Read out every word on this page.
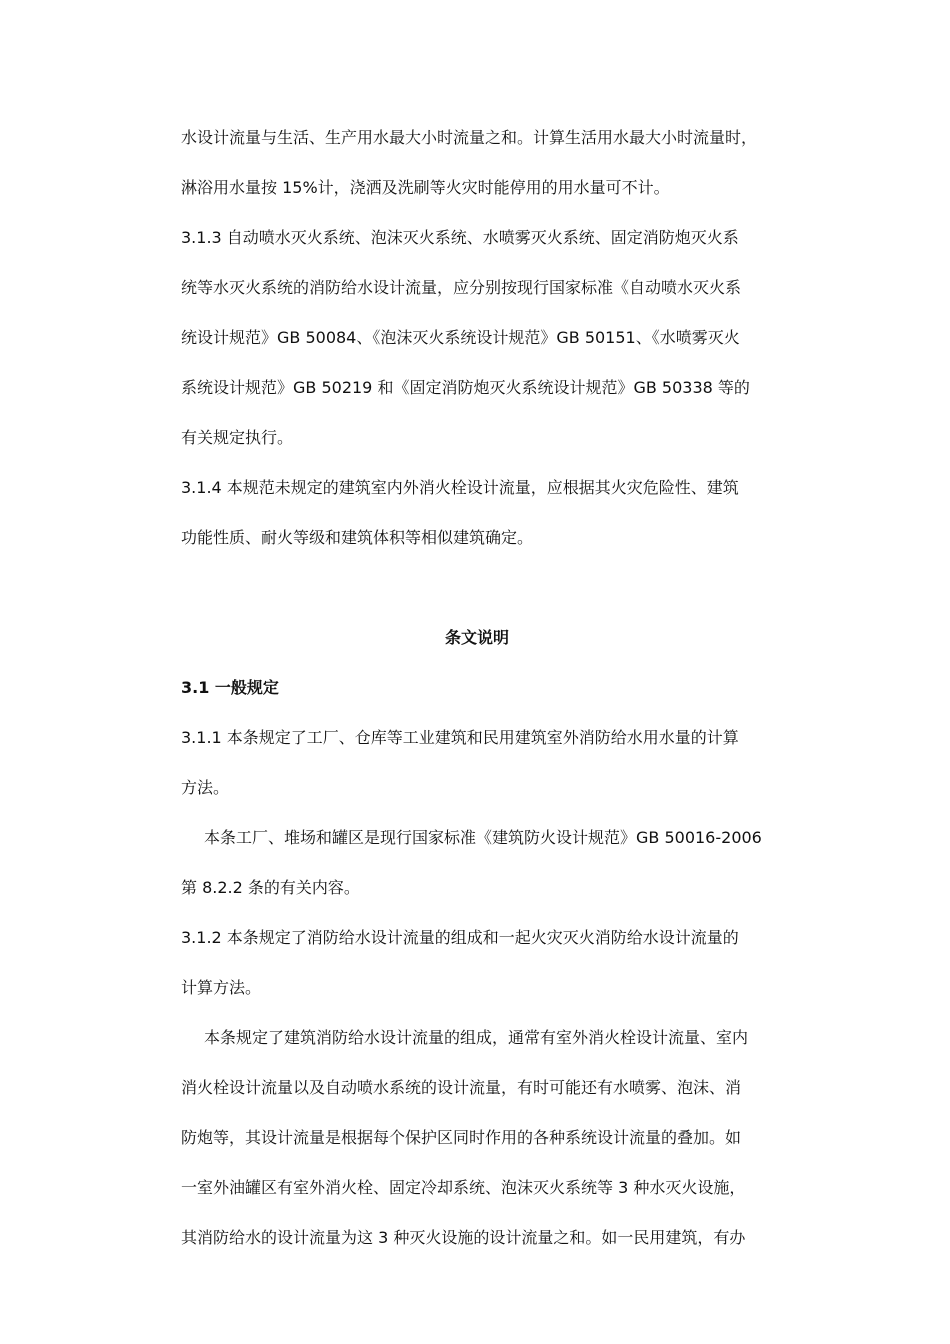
水设计流量与生活、生产用水最大小时流量之和。计算生活用水最大小时流量时，
淋浴用水量按 15%计，浇洒及洗刷等火灾时能停用的用水量可不计。
3.1.3 自动喷水灭火系统、泡沫灭火系统、水喷雾灭火系统、固定消防炮灭火系
统等水灭火系统的消防给水设计流量，应分别按现行国家标准《自动喷水灭火系
统设计规范》GB 50084、《泡沫灭火系统设计规范》GB 50151、《水喷雾灭火
系统设计规范》GB 50219 和《固定消防炮灭火系统设计规范》GB 50338 等的
有关规定执行。
3.1.4 本规范未规定的建筑室内外消火栓设计流量，应根据其火灾危险性、建筑
功能性质、耐火等级和建筑体积等相似建筑确定。
条文说明
3.1 一般规定
3.1.1 本条规定了工厂、仓库等工业建筑和民用建筑室外消防给水用水量的计算
方法。
本条工厂、堆场和罐区是现行国家标准《建筑防火设计规范》GB 50016-2006
第 8.2.2 条的有关内容。
3.1.2 本条规定了消防给水设计流量的组成和一起火灾灭火消防给水设计流量的
计算方法。
本条规定了建筑消防给水设计流量的组成，通常有室外消火栓设计流量、室内
消火栓设计流量以及自动喷水系统的设计流量，有时可能还有水喷雾、泡沫、消
防炮等，其设计流量是根据每个保护区同时作用的各种系统设计流量的叠加。如
一室外油罐区有室外消火栓、固定冷却系统、泡沫灭火系统等 3 种水灭火设施，
其消防给水的设计流量为这 3 种灭火设施的设计流量之和。如一民用建筑，有办
